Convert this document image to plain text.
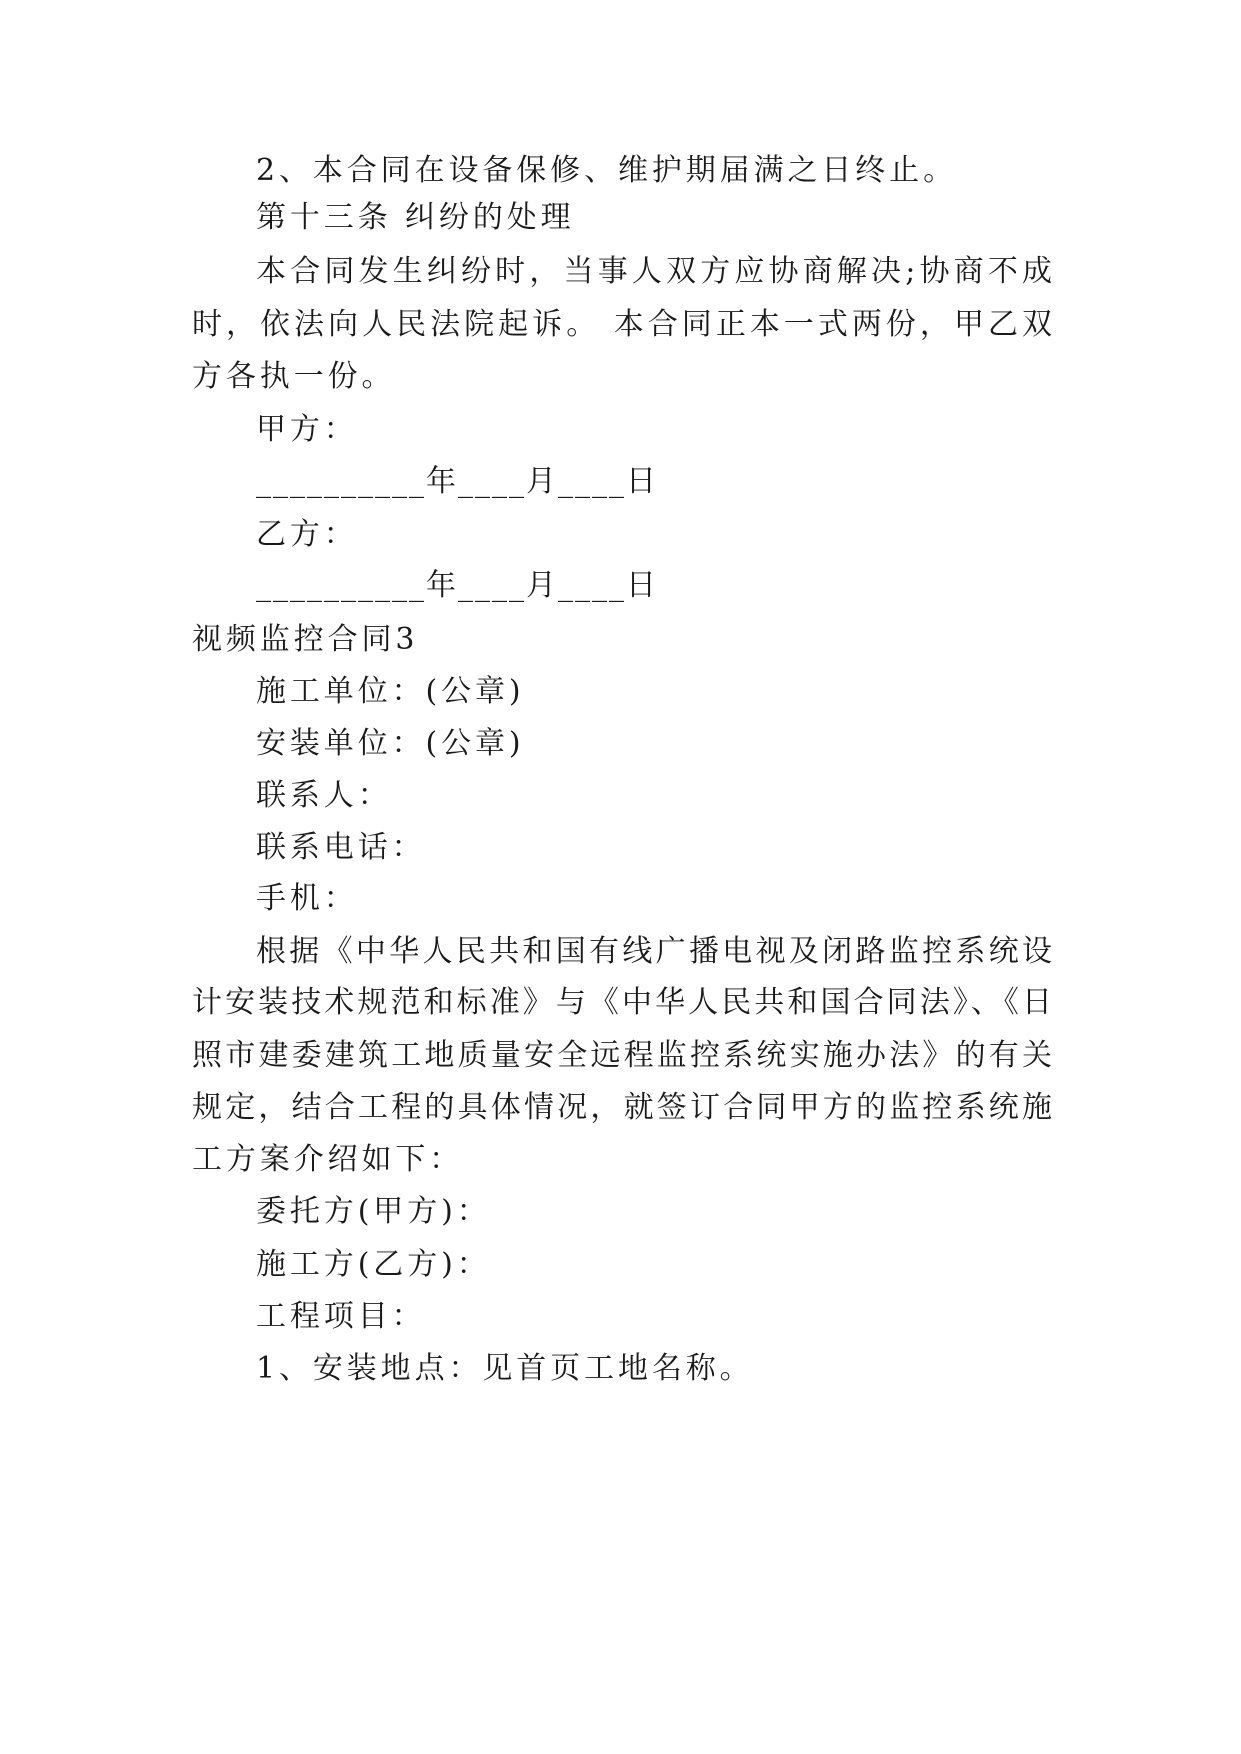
2、本合同在设备保修、维护期届满之日终止。
第十三条 纠纷的处理
本合同发生纠纷时，当事人双方应协商解决;协商不成
时，依法向人民法院起诉。 本合同正本一式两份，甲乙双
方各执一份。
甲方：
__________年____月____日
乙方：
__________年____月____日
视频监控合同3
施工单位：(公章)
安装单位：(公章)
联系人：
联系电话：
手机：
根据《中华人民共和国有线广播电视及闭路监控系统设
计安装技术规范和标准》与《中华人民共和国合同法》、《日
照市建委建筑工地质量安全远程监控系统实施办法》的有关
规定，结合工程的具体情况，就签订合同甲方的监控系统施
工方案介绍如下：
委托方(甲方)：
施工方(乙方)：
工程项目：
1、安装地点：见首页工地名称。
